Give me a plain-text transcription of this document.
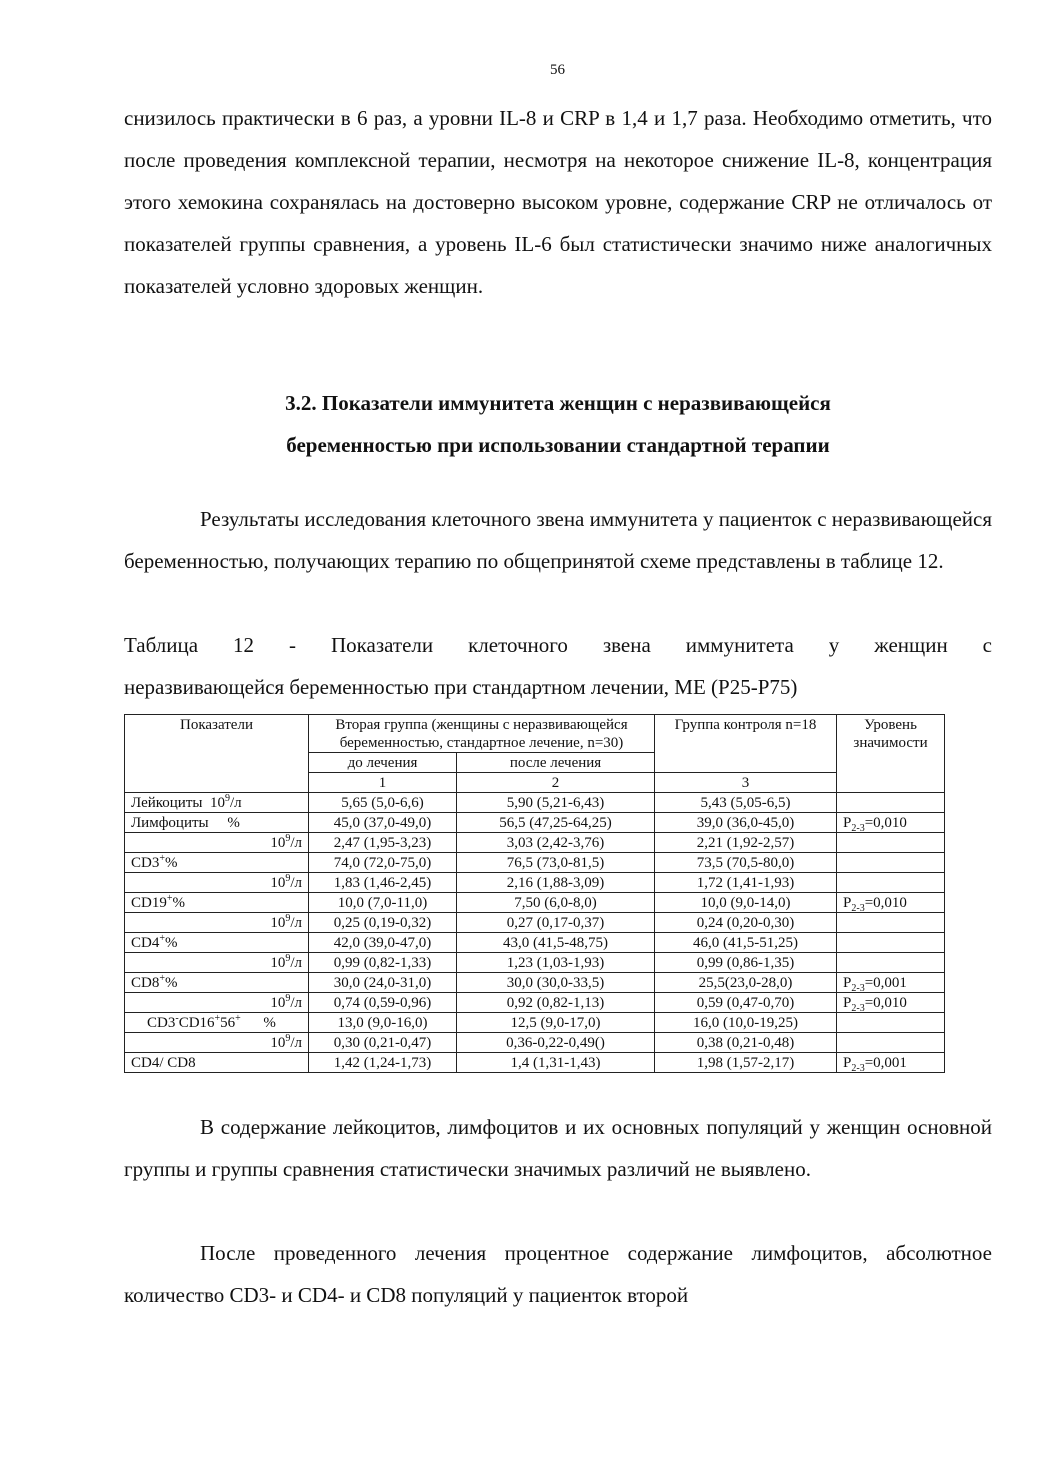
56

снизилось практически в 6 раз, а уровни IL-8 и CRP в 1,4 и 1,7 раза. Необходимо отметить, что после проведения комплексной терапии, несмотря на некоторое снижение IL-8, концентрация этого хемокина сохранялась на достоверно высоком уровне, содержание CRP не отличалось от показателей группы сравнения, а уровень IL-6 был статистически значимо ниже аналогичных показателей условно здоровых женщин.

3.2. Показатели иммунитета женщин с неразвивающейся

беременностью при использовании стандартной терапии

Результаты исследования клеточного звена иммунитета у пациенток с неразвивающейся беременностью, получающих терапию по общепринятой схеме представлены в таблице 12.

Таблица 12 - Показатели клеточного звена иммунитета у женщин с
неразвивающейся беременностью при стандартном лечении, МЕ (P25-P75)
Показатели	Вторая группа (женщины с неразвивающейся беременностью, стандартное лечение, n=30)		Группа контроля n=18	Уровень значимости
	до лечения	после лечения		
	1	2	3	
Лейкоциты  $10^9/л$	5,65 (5,0-6,6)	5,90 (5,21-6,43)	5,43 (5,05-6,5)	
Лимфоциты     %	45,0 (37,0-49,0)	56,5 (47,25-64,25)	39,0 (36,0-45,0)	$P_{2-3}=0,010$
$10^9/л$	2,47 (1,95-3,23)	3,03 (2,42-3,76)	2,21 (1,92-2,57)	
CD3+%	74,0 (72,0-75,0)	76,5 (73,0-81,5)	73,5 (70,5-80,0)	
$10^9/л$	1,83 (1,46-2,45)	2,16 (1,88-3,09)	1,72 (1,41-1,93)	
CD19+%	10,0 (7,0-11,0)	7,50 (6,0-8,0)	10,0 (9,0-14,0)	$P_{2-3}=0,010$
$10^9/л$	0,25 (0,19-0,32)	0,27 (0,17-0,37)	0,24 (0,20-0,30)	
CD4+%	42,0 (39,0-47,0)	43,0 (41,5-48,75)	46,0 (41,5-51,25)	
$10^9/л$	0,99 (0,82-1,33)	1,23 (1,03-1,93)	0,99 (0,86-1,35)	
CD8+%	30,0 (24,0-31,0)	30,0 (30,0-33,5)	25,5(23,0-28,0)	$P_{2-3}=0,001$
$10^9/л$	0,74 (0,59-0,96)	0,92 (0,82-1,13)	0,59 (0,47-0,70)	$P_{2-3}=0,010$
CD3-CD16+56+      %	13,0 (9,0-16,0)	12,5 (9,0-17,0)	16,0 (10,0-19,25)	
$10^9/л$	0,30 (0,21-0,47)	0,36-0,22-0,49()	0,38 (0,21-0,48)	
CD4/ CD8	1,42 (1,24-1,73)	1,4 (1,31-1,43)	1,98 (1,57-2,17)	$P_{2-3}=0,001$

В содержание лейкоцитов, лимфоцитов и их основных популяций у женщин основной группы и группы сравнения статистически значимых различий не выявлено.

После проведенного лечения процентное содержание лимфоцитов, абсолютное количество CD3- и CD4- и CD8 популяций у пациенток второй
